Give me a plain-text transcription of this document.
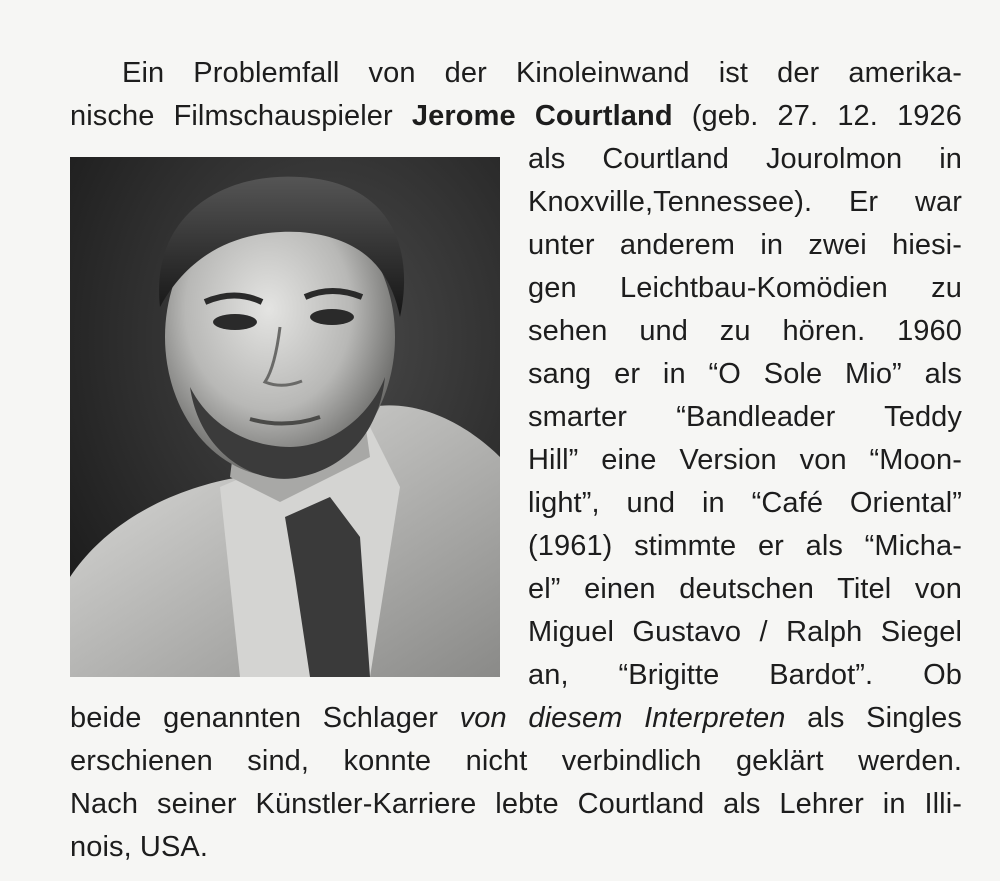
Ein Problemfall von der Kinoleinwand ist der amerika-
nische Filmschauspieler Jerome Courtland (geb. 27. 12. 1926
als Courtland Jourolmon in
Knoxville,Tennessee). Er war
unter anderem in zwei hiesi-
gen Leichtbau-Komödien zu
sehen und zu hören. 1960
sang er in “O Sole Mio” als
smarter “Bandleader Teddy
Hill” eine Version von “Moon-
light”, und in “Café Oriental”
(1961) stimmte er als “Micha-
el” einen deutschen Titel von
Miguel Gustavo / Ralph Siegel
an, “Brigitte Bardot”. Ob
beide genannten Schlager von diesem Interpreten als Singles
erschienen sind, konnte nicht verbindlich geklärt werden.
Nach seiner Künstler-Karriere lebte Courtland als Lehrer in Illi-
nois, USA.
